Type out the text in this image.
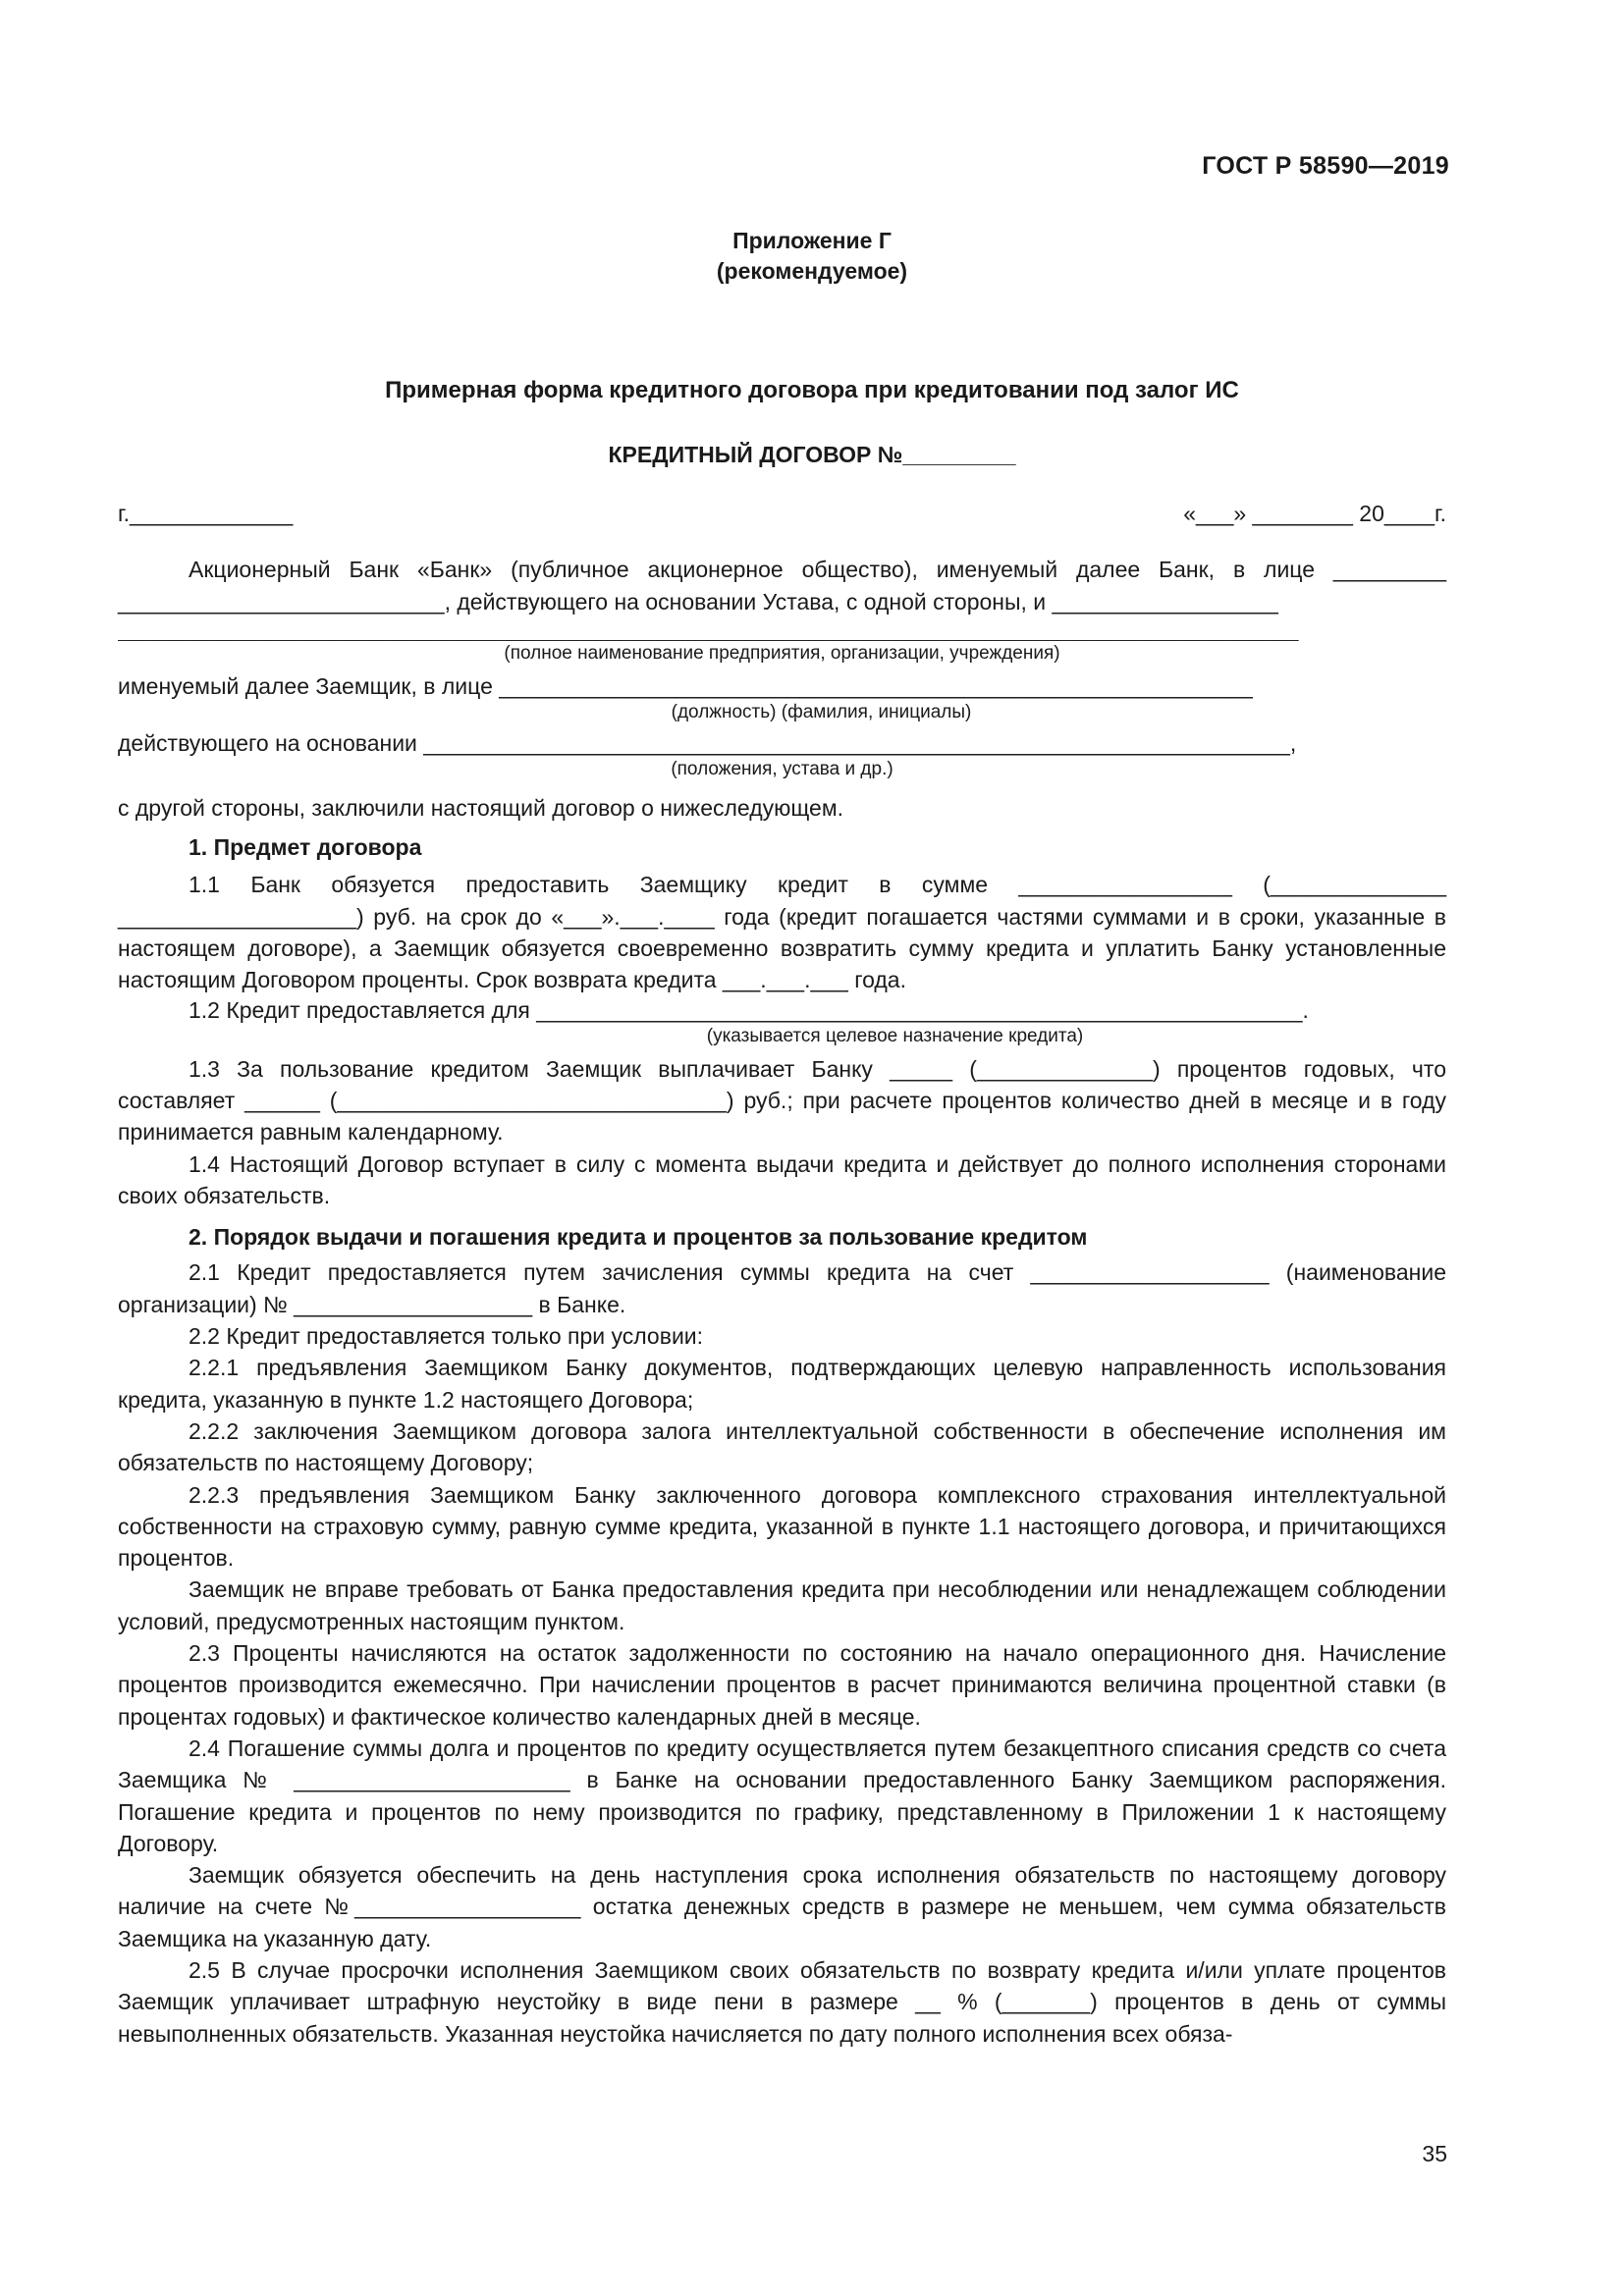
ГОСТ Р 58590—2019
Приложение Г
(рекомендуемое)
Примерная форма кредитного договора при кредитовании под залог ИС
КРЕДИТНЫЙ ДОГОВОР №_________
г._____________	«___» ________ 20____г.

Акционерный Банк «Банк» (публичное акционерное общество), именуемый далее Банк, в лице _________ __________________________, действующего на основании Устава, с одной стороны, и __________________

______________________________________________________________________________________________

(полное наименование предприятия, организации, учреждения)

именуемый далее Заемщик, в лице ____________________________________________________________

(должность) (фамилия, инициалы)

действующего на основании _____________________________________________________________________,

(положения, устава и др.)

с другой стороны, заключили настоящий договор о нижеследующем.

1. Предмет договора

1.1 Банк обязуется предоставить Заемщику кредит в сумме _________________ (______________ ___________________) руб. на срок до «___».___.____ года (кредит погашается частями суммами и в сроки, указанные в настоящем договоре), а Заемщик обязуется своевременно возвратить сумму кредита и уплатить Банку установленные настоящим Договором проценты. Срок возврата кредита ___.___.___ года.

1.2 Кредит предоставляется для _____________________________________________________________.

(указывается целевое назначение кредита)

1.3 За пользование кредитом Заемщик выплачивает Банку _____ (______________) процентов годовых, что составляет ______ (_______________________________) руб.; при расчете процентов количество дней в месяце и в году принимается равным календарному.

1.4 Настоящий Договор вступает в силу с момента выдачи кредита и действует до полного исполнения сторонами своих обязательств.

2. Порядок выдачи и погашения кредита и процентов за пользование кредитом

2.1 Кредит предоставляется путем зачисления суммы кредита на счет ___________________ (наименование организации) № ___________________ в Банке.

2.2 Кредит предоставляется только при условии:

2.2.1 предъявления Заемщиком Банку документов, подтверждающих целевую направленность использования кредита, указанную в пункте 1.2 настоящего Договора;

2.2.2 заключения Заемщиком договора залога интеллектуальной собственности в обеспечение исполнения им обязательств по настоящему Договору;

2.2.3 предъявления Заемщиком Банку заключенного договора комплексного страхования интеллектуальной собственности на страховую сумму, равную сумме кредита, указанной в пункте 1.1 настоящего договора, и причитающихся процентов.

Заемщик не вправе требовать от Банка предоставления кредита при несоблюдении или ненадлежащем соблюдении условий, предусмотренных настоящим пунктом.

2.3 Проценты начисляются на остаток задолженности по состоянию на начало операционного дня. Начисление процентов производится ежемесячно. При начислении процентов в расчет принимаются величина процентной ставки (в процентах годовых) и фактическое количество календарных дней в месяце.

2.4 Погашение суммы долга и процентов по кредиту осуществляется путем безакцептного списания средств со счета Заемщика № ______________________ в Банке на основании предоставленного Банку Заемщиком распоряжения. Погашение кредита и процентов по нему производится по графику, представленному в Приложении 1 к настоящему Договору.

Заемщик обязуется обеспечить на день наступления срока исполнения обязательств по настоящему договору наличие на счете №__________________ остатка денежных средств в размере не меньшем, чем сумма обязательств Заемщика на указанную дату.

2.5 В случае просрочки исполнения Заемщиком своих обязательств по возврату кредита и/или уплате процентов Заемщик уплачивает штрафную неустойку в виде пени в размере __ % (_______) процентов в день от суммы невыполненных обязательств. Указанная неустойка начисляется по дату полного исполнения всех обяза-

35
